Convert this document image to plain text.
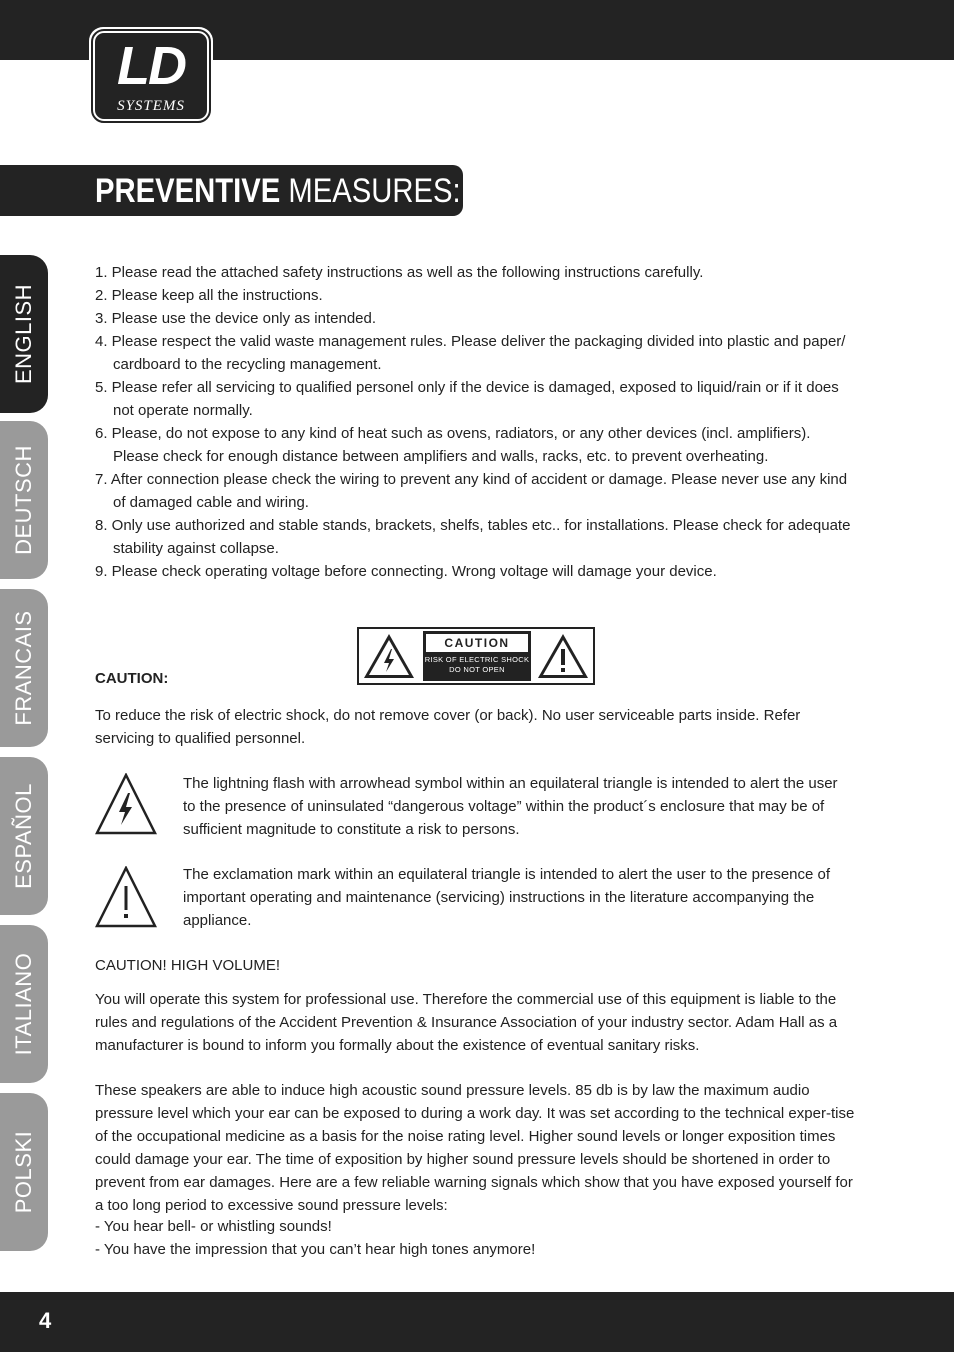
LD
SYSTEMS
PREVENTIVE MEASURES:
ENGLISH
DEUTSCH
FRANCAIS
ESPAÑOL
ITALIANO
POLSKI
1. Please read the attached safety instructions as well as the following instructions carefully.
2. Please keep all the instructions.
3. Please use the device only as intended.
4. Please respect the valid waste management rules. Please deliver the packaging divided into plastic and paper/ cardboard to the recycling management.
5. Please refer all servicing to qualified personel only if the device is damaged, exposed to liquid/rain or if it does not operate normally.
6. Please, do not expose to any kind of heat such as ovens, radiators, or any other devices (incl. amplifiers). Please check for enough distance between amplifiers and walls, racks, etc. to prevent overheating.
7. After connection please check the wiring to prevent any kind of accident or damage. Please never use any kind of damaged cable and wiring.
8. Only use authorized and stable stands, brackets, shelfs, tables etc.. for installations. Please check for adequate stability against collapse.
9. Please check operating voltage before connecting. Wrong voltage will damage your device.
CAUTION:
CAUTION
RISK OF ELECTRIC SHOCK
DO NOT OPEN

To reduce the risk of electric shock, do not remove cover (or back). No user serviceable parts inside. Refer servicing to qualified personnel.

The lightning flash with arrowhead symbol within an equilateral triangle is intended to alert the user to the presence of uninsulated “dangerous voltage” within the product´s enclosure that may be of sufficient magnitude to constitute a risk to persons.

The exclamation mark within an equilateral triangle is intended to alert the user to the presence of important operating and maintenance (servicing) instructions in the literature accompanying the appliance.

CAUTION! HIGH VOLUME!

You will operate this system for professional use. Therefore the commercial use of this equipment is liable to the rules and regulations of the Accident Prevention & Insurance Association of your industry sector. Adam Hall as a manufacturer is bound to inform you formally about the existence of eventual sanitary risks.

These speakers are able to induce high acoustic sound pressure levels. 85 db is by law the maximum audio pressure level which your ear can be exposed to during a work day. It was set according to the technical exper-tise of the occupational medicine as a basis for the noise rating level. Higher sound levels or longer exposition times could damage your ear. The time of exposition by higher sound pressure levels should be shortened in order to prevent from ear damages. Here are a few reliable warning signals which show that you have exposed yourself for a too long period to excessive sound pressure levels:

- You hear bell- or whistling sounds!

- You have the impression that you can’t hear high tones anymore!

4
